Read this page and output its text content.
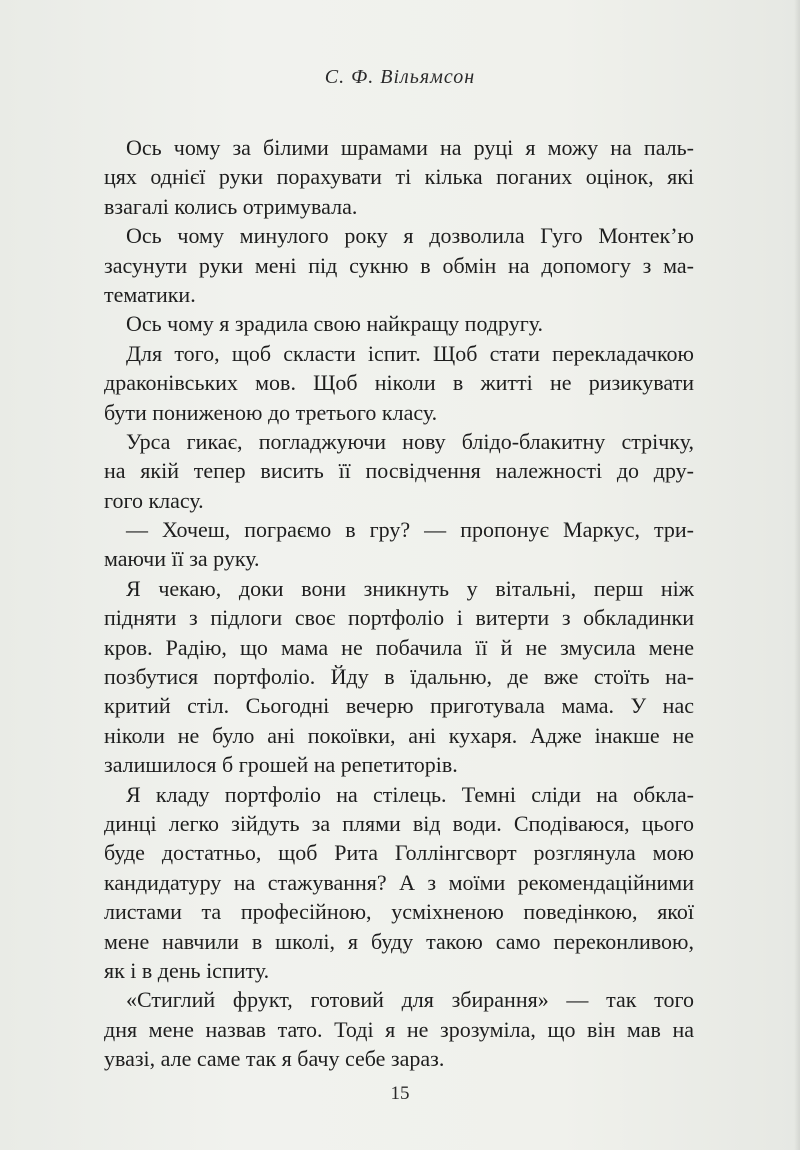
С. Ф. Вільямсон
Ось чому за білими шрамами на руці я можу на паль-
цях однієї руки порахувати ті кілька поганих оцінок, які
взагалі колись отримувала.
Ось чому минулого року я дозволила Гуго Монтек’ю
засунути руки мені під сукню в обмін на допомогу з ма-
тематики.
Ось чому я зрадила свою найкращу подругу.
Для того, щоб скласти іспит. Щоб стати перекладачкою
драконівських мов. Щоб ніколи в житті не ризикувати
бути пониженою до третього класу.
Урса гикає, погладжуючи нову блідо-блакитну стрічку,
на якій тепер висить її посвідчення належності до дру-
гого класу.
— Хочеш, пограємо в гру? — пропонує Маркус, три-
маючи її за руку.
Я чекаю, доки вони зникнуть у вітальні, перш ніж
підняти з підлоги своє портфоліо і витерти з обкладинки
кров. Радію, що мама не побачила її й не змусила мене
позбутися портфоліо. Йду в їдальню, де вже стоїть на-
критий стіл. Сьогодні вечерю приготувала мама. У нас
ніколи не було ані покоївки, ані кухаря. Адже інакше не
залишилося б грошей на репетиторів.
Я кладу портфоліо на стілець. Темні сліди на обкла-
динці легко зійдуть за плями від води. Сподіваюся, цього
буде достатньо, щоб Рита Голлінгсворт розглянула мою
кандидатуру на стажування? А з моїми рекомендаційними
листами та професійною, усміхненою поведінкою, якої
мене навчили в школі, я буду такою само переконливою,
як і в день іспиту.
«Стиглий фрукт, готовий для збирання» — так того
дня мене назвав тато. Тоді я не зрозуміла, що він мав на
увазі, але саме так я бачу себе зараз.
15
